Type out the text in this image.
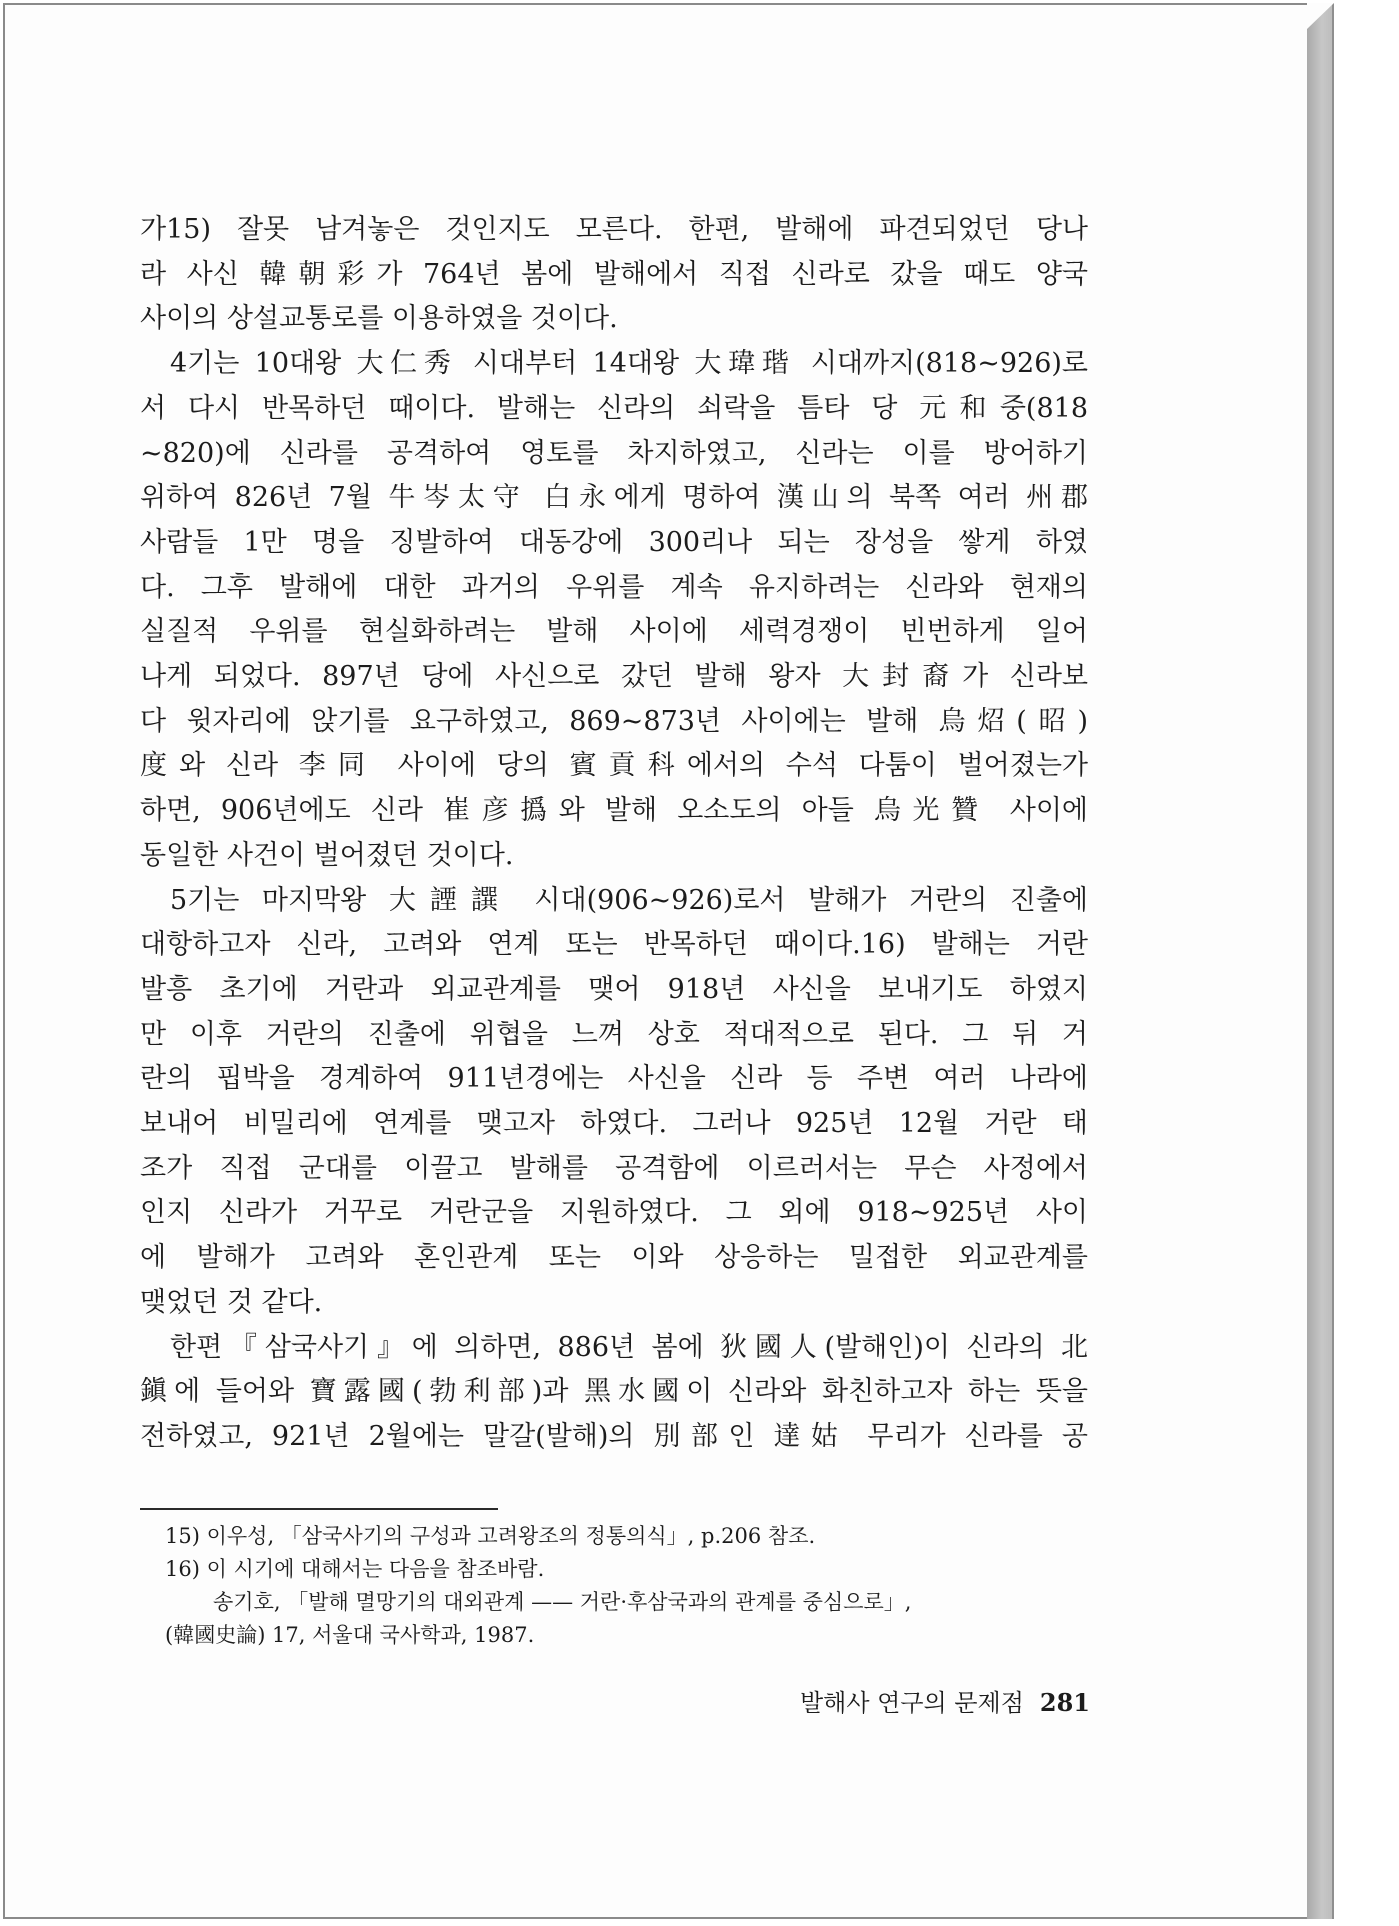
가15) 잘못 남겨놓은 것인지도 모른다. 한편, 발해에 파견되었던 당나
라 사신 韓朝彩가 764년 봄에 발해에서 직접 신라로 갔을 때도 양국
사이의 상설교통로를 이용하였을 것이다.
4기는 10대왕 大仁秀 시대부터 14대왕 大瑋瑎 시대까지(818~926)로
서 다시 반목하던 때이다. 발해는 신라의 쇠락을 틈타 당 元和중(818
~820)에 신라를 공격하여 영토를 차지하였고, 신라는 이를 방어하기
위하여 826년 7월 牛岑太守 白永에게 명하여 漢山의 북쪽 여러 州郡
사람들 1만 명을 징발하여 대동강에 300리나 되는 장성을 쌓게 하였
다. 그후 발해에 대한 과거의 우위를 계속 유지하려는 신라와 현재의
실질적 우위를 현실화하려는 발해 사이에 세력경쟁이 빈번하게 일어
나게 되었다. 897년 당에 사신으로 갔던 발해 왕자 大封裔가 신라보
다 윗자리에 앉기를 요구하였고, 869~873년 사이에는 발해 烏炤(昭)
度와 신라 李同 사이에 당의 賓貢科에서의 수석 다툼이 벌어졌는가
하면, 906년에도 신라 崔彦撝와 발해 오소도의 아들 烏光贊 사이에
동일한 사건이 벌어졌던 것이다.
5기는 마지막왕 大諲譔 시대(906~926)로서 발해가 거란의 진출에
대항하고자 신라, 고려와 연계 또는 반목하던 때이다.16) 발해는 거란
발흥 초기에 거란과 외교관계를 맺어 918년 사신을 보내기도 하였지
만 이후 거란의 진출에 위협을 느껴 상호 적대적으로 된다. 그 뒤 거
란의 핍박을 경계하여 911년경에는 사신을 신라 등 주변 여러 나라에
보내어 비밀리에 연계를 맺고자 하였다. 그러나 925년 12월 거란 태
조가 직접 군대를 이끌고 발해를 공격함에 이르러서는 무슨 사정에서
인지 신라가 거꾸로 거란군을 지원하였다. 그 외에 918~925년 사이
에 발해가 고려와 혼인관계 또는 이와 상응하는 밀접한 외교관계를
맺었던 것 같다.
한편『삼국사기』에 의하면, 886년 봄에 狄國人(발해인)이 신라의 北
鎭에 들어와 寶露國(勃利部)과 黑水國이 신라와 화친하고자 하는 뜻을
전하였고, 921년 2월에는 말갈(발해)의 別部인 達姑 무리가 신라를 공
15) 이우성, 「삼국사기의 구성과 고려왕조의 정통의식」, p.206 참조.
16) 이 시기에 대해서는 다음을 참조바람.
송기호, 「발해 멸망기의 대외관계 —— 거란·후삼국과의 관계를 중심으로」,
(韓國史論) 17, 서울대 국사학과, 1987.
발해사 연구의 문제점 281
